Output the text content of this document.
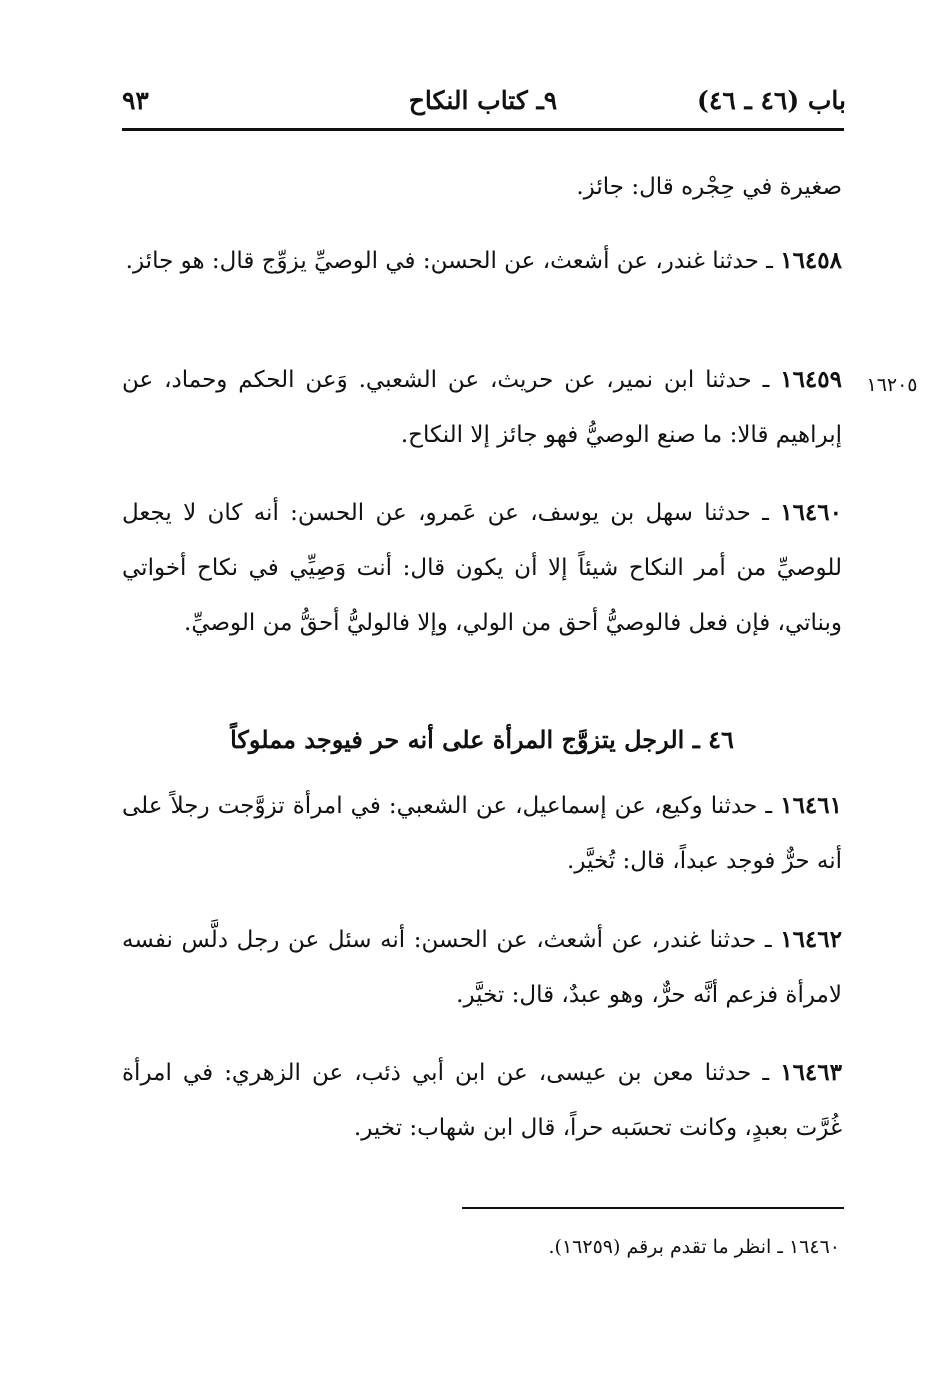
باب (٤٦ ـ ٤٦)
٩ـ كتاب النكاح
٩٣
صغيرة في حِجْره قال: جائز.
١٦٤٥٨ ـ حدثنا غندر، عن أشعث، عن الحسن: في الوصيِّ يزوِّج قال: هو جائز.
١٦٢٠٥
١٦٤٥٩ ـ حدثنا ابن نمير، عن حريث، عن الشعبي. وَعن الحكم وحماد، عن إبراهيم قالا: ما صنع الوصيُّ فهو جائز إلا النكاح.
١٦٤٦٠ ـ حدثنا سهل بن يوسف، عن عَمرو، عن الحسن: أنه كان لا يجعل للوصيِّ من أمر النكاح شيئاً إلا أن يكون قال: أنت وَصِيِّي في نكاح أخواتي وبناتي، فإن فعل فالوصيُّ أحق من الولي، وإلا فالوليُّ أحقُّ من الوصيِّ.
٤٦ ـ الرجل يتزوَّج المرأة على أنه حر فيوجد مملوكاً
١٦٤٦١ ـ حدثنا وكيع، عن إسماعيل، عن الشعبي: في امرأة تزوَّجت رجلاً على أنه حرٌّ فوجد عبداً، قال: تُخيَّر.
١٦٤٦٢ ـ حدثنا غندر، عن أشعث، عن الحسن: أنه سئل عن رجل دلَّس نفسه لامرأة فزعم أنَّه حرٌّ، وهو عبدٌ، قال: تخيَّر.
١٦٤٦٣ ـ حدثنا معن بن عيسى، عن ابن أبي ذئب، عن الزهري: في امرأة غُرَّت بعبدٍ، وكانت تحسَبه حراً، قال ابن شهاب: تخير.
١٦٤٦٠ ـ انظر ما تقدم برقم (١٦٢٥٩).
